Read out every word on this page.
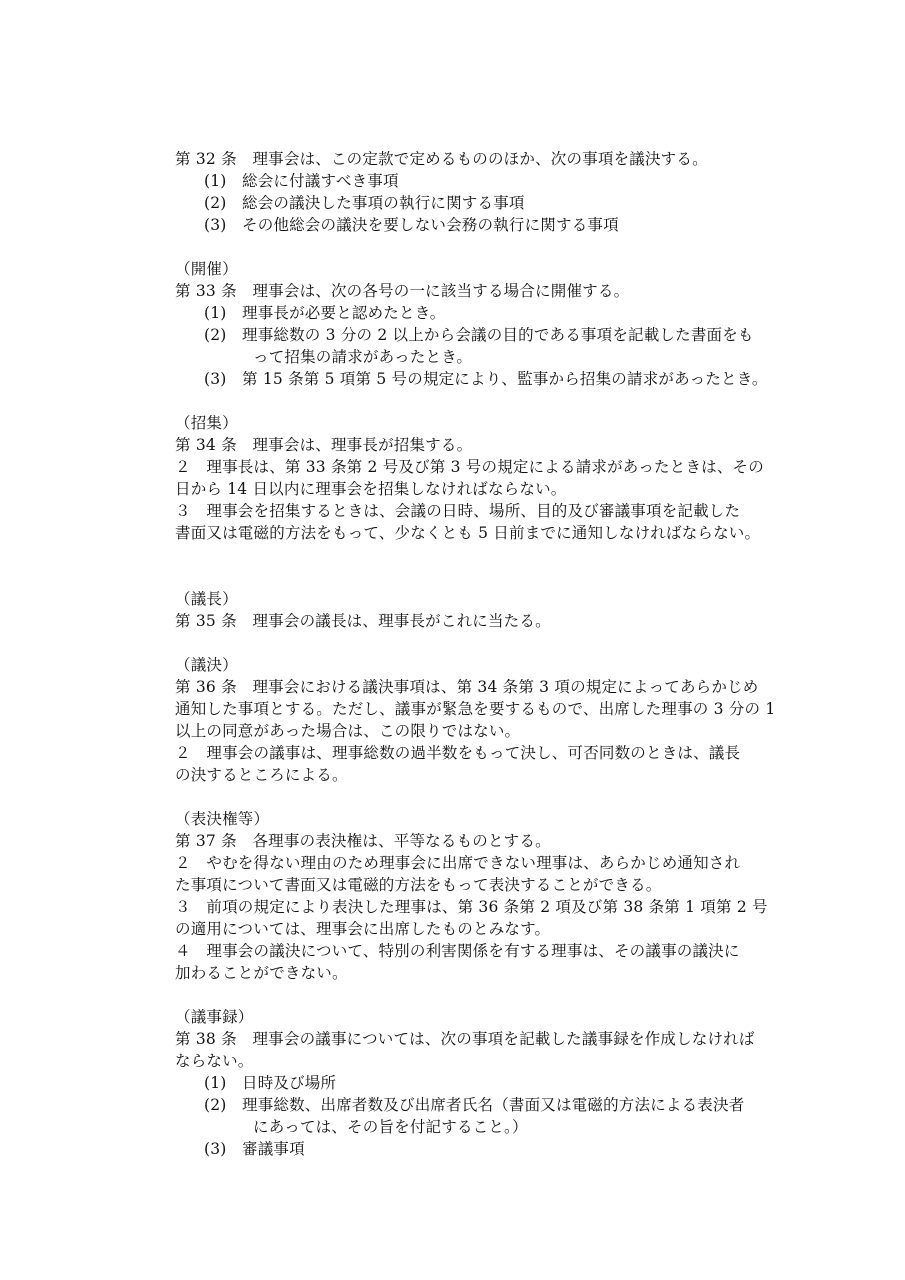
第 32 条　理事会は、この定款で定めるもののほか、次の事項を議決する。
(1) 総会に付議すべき事項
(2) 総会の議決した事項の執行に関する事項
(3) その他総会の議決を要しない会務の執行に関する事項
（開催）
第 33 条　理事会は、次の各号の一に該当する場合に開催する。
(1) 理事長が必要と認めたとき。
(2) 理事総数の 3 分の 2 以上から会議の目的である事項を記載した書面をも
って招集の請求があったとき。
(3) 第 15 条第 5 項第 5 号の規定により、監事から招集の請求があったとき。
（招集）
第 34 条　理事会は、理事長が招集する。
２　理事長は、第 33 条第 2 号及び第 3 号の規定による請求があったときは、その
日から 14 日以内に理事会を招集しなければならない。
３　理事会を招集するときは、会議の日時、場所、目的及び審議事項を記載した
書面又は電磁的方法をもって、少なくとも 5 日前までに通知しなければならない。
（議長）
第 35 条　理事会の議長は、理事長がこれに当たる。
（議決）
第 36 条　理事会における議決事項は、第 34 条第 3 項の規定によってあらかじめ
通知した事項とする。ただし、議事が緊急を要するもので、出席した理事の 3 分の 1
以上の同意があった場合は、この限りではない。
２　理事会の議事は、理事総数の過半数をもって決し、可否同数のときは、議長
の決するところによる。
（表決権等）
第 37 条　各理事の表決権は、平等なるものとする。
２　やむを得ない理由のため理事会に出席できない理事は、あらかじめ通知され
た事項について書面又は電磁的方法をもって表決することができる。
３　前項の規定により表決した理事は、第 36 条第 2 項及び第 38 条第 1 項第 2 号
の適用については、理事会に出席したものとみなす。
４　理事会の議決について、特別の利害関係を有する理事は、その議事の議決に
加わることができない。
（議事録）
第 38 条　理事会の議事については、次の事項を記載した議事録を作成しなければ
ならない。
(1) 日時及び場所
(2) 理事総数、出席者数及び出席者氏名（書面又は電磁的方法による表決者
にあっては、その旨を付記すること。）
(3) 審議事項
